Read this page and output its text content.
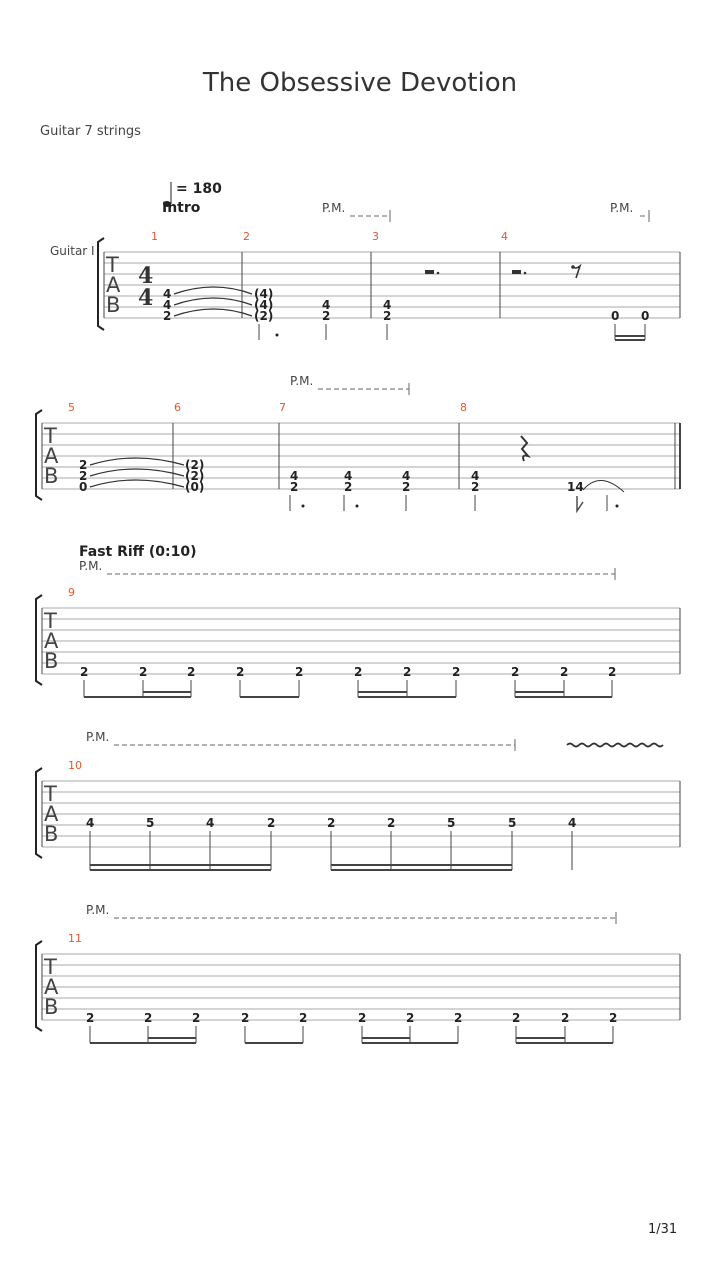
The Obsessive Devotion
Guitar 7 strings
= 180
Intro
Guitar I
T
A
B
4
4
1	2	3	4
P.M.	P.M.
4
4
2
(4)
(4)
(2)
4
2
4
2	0 0
T
A
B
5	6	7	8
P.M.
2
2
0
(2)
(2)
(0)
4
2
4
2
4
2
4
2	14
Fast Riff (0:10)
P.M.
T
A
B
9
2	2	2	2	2	2	2	2	2	2	2
P.M.
T
A
B
10
4	5	4	2	2	2	5	5	4
P.M.
T
A
B
11
2	2	2	2	2	2	2	2	2	2	2
1/31
